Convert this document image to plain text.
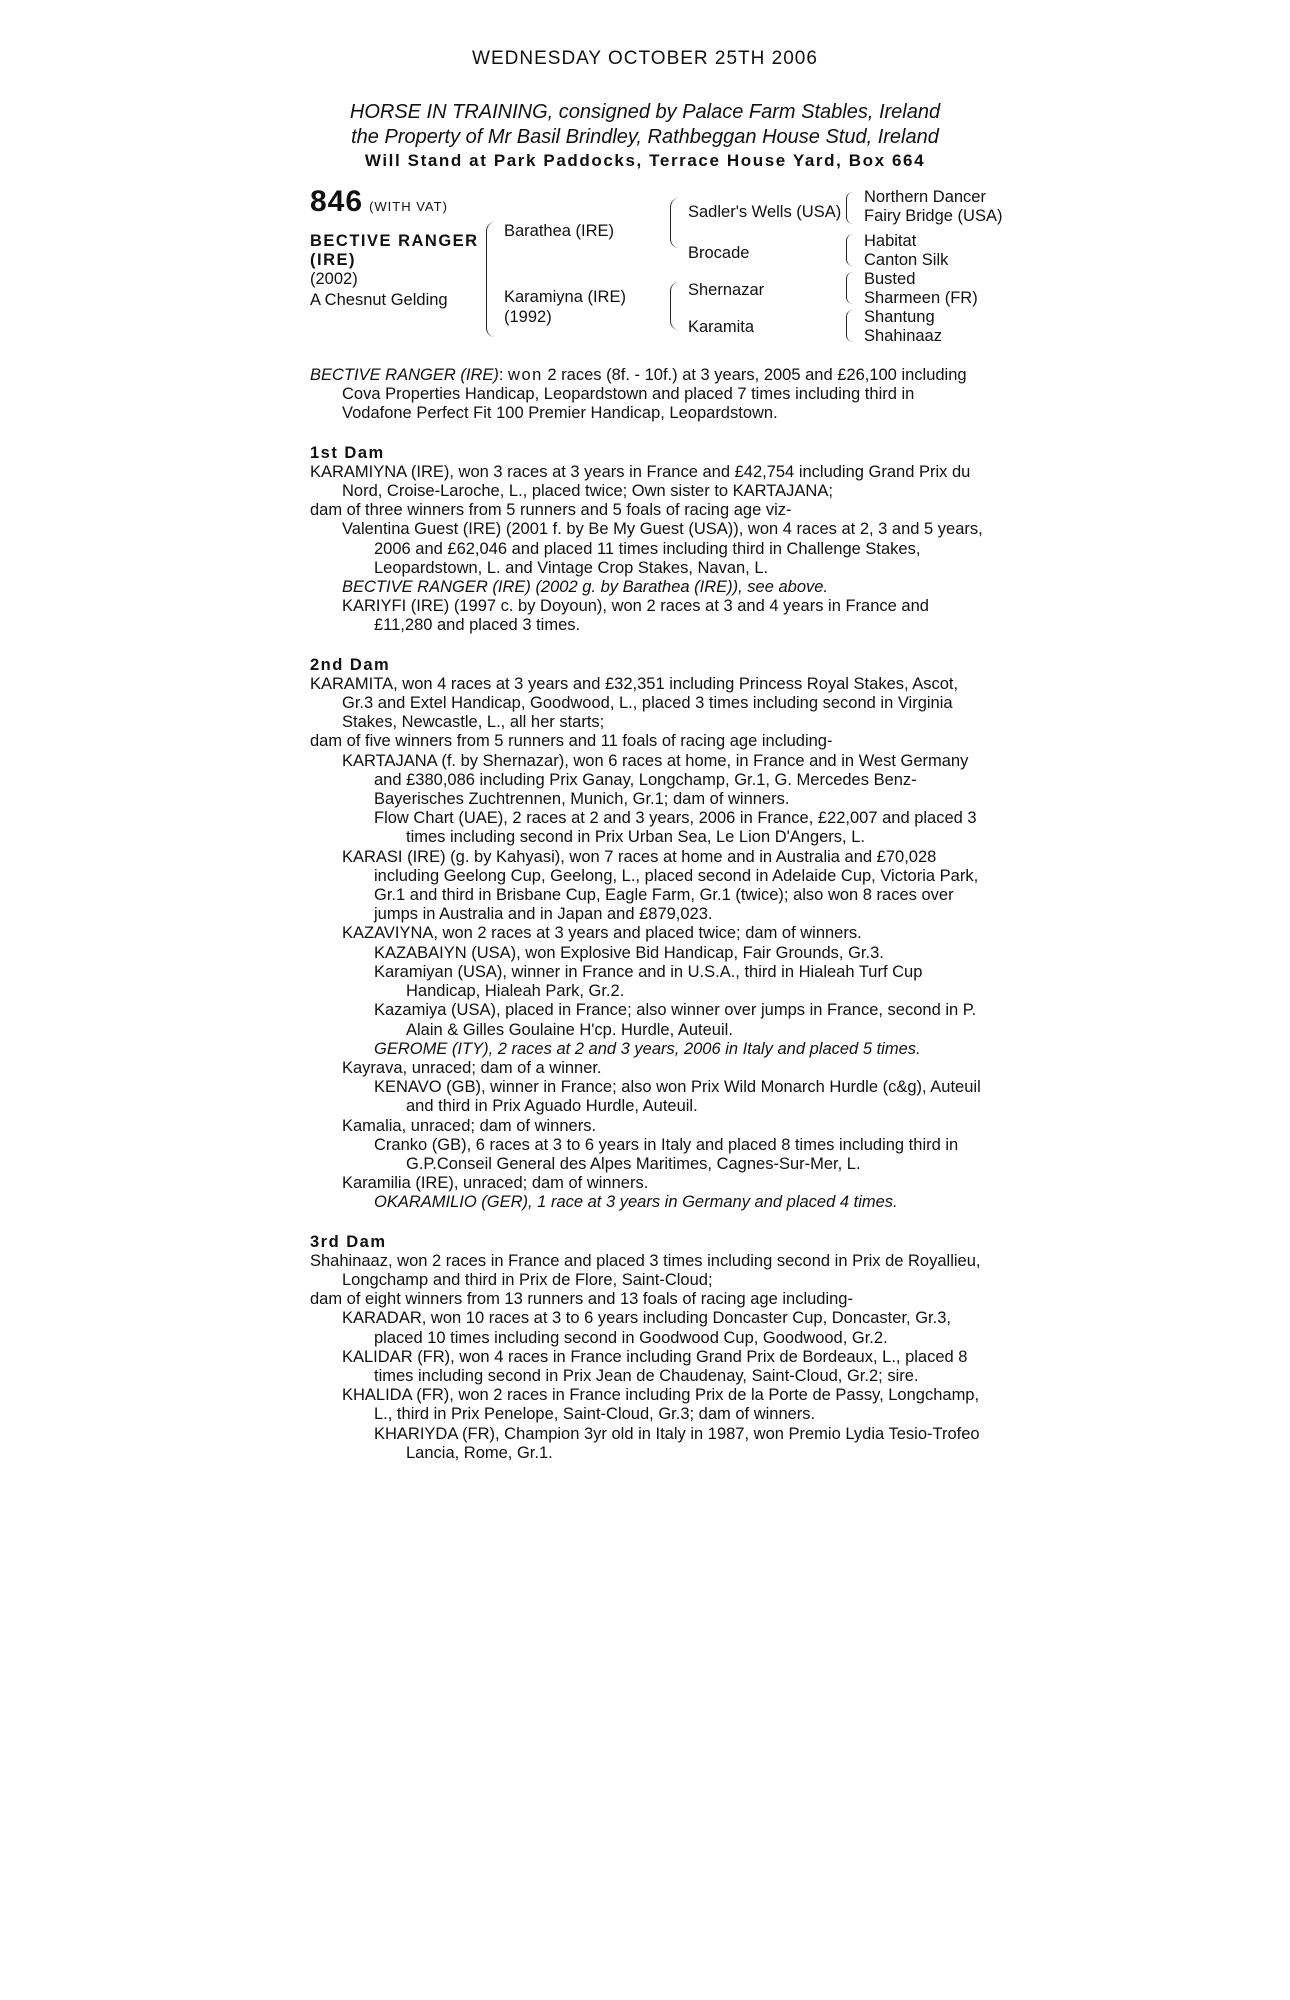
WEDNESDAY OCTOBER 25TH 2006
HORSE IN TRAINING, consigned by Palace Farm Stables, Ireland
the Property of Mr Basil Brindley, Rathbeggan House Stud, Ireland
Will Stand at Park Paddocks, Terrace House Yard, Box 664
846 (WITH VAT)
BECTIVE RANGER
(IRE)
(2002)
A Chesnut Gelding
Barathea (IRE)
Karamiyna (IRE)
(1992)
Sadler's Wells (USA)
Brocade
Shernazar
Karamita
Northern Dancer
Fairy Bridge (USA)
Habitat
Canton Silk
Busted
Sharmeen (FR)
Shantung
Shahinaaz

BECTIVE RANGER (IRE): won 2 races (8f. - 10f.) at 3 years, 2005 and £26,100 including Cova Properties Handicap, Leopardstown and placed 7 times including third in Vodafone Perfect Fit 100 Premier Handicap, Leopardstown.

1st Dam

KARAMIYNA (IRE), won 3 races at 3 years in France and £42,754 including Grand Prix du Nord, Croise-Laroche, L., placed twice; Own sister to KARTAJANA;

dam of three winners from 5 runners and 5 foals of racing age viz-

Valentina Guest (IRE) (2001 f. by Be My Guest (USA)), won 4 races at 2, 3 and 5 years, 2006 and £62,046 and placed 11 times including third in Challenge Stakes, Leopardstown, L. and Vintage Crop Stakes, Navan, L.

BECTIVE RANGER (IRE) (2002 g. by Barathea (IRE)), see above.

KARIYFI (IRE) (1997 c. by Doyoun), won 2 races at 3 and 4 years in France and £11,280 and placed 3 times.

2nd Dam

KARAMITA, won 4 races at 3 years and £32,351 including Princess Royal Stakes, Ascot, Gr.3 and Extel Handicap, Goodwood, L., placed 3 times including second in Virginia Stakes, Newcastle, L., all her starts;

dam of five winners from 5 runners and 11 foals of racing age including-

KARTAJANA (f. by Shernazar), won 6 races at home, in France and in West Germany and £380,086 including Prix Ganay, Longchamp, Gr.1, G. Mercedes Benz-Bayerisches Zuchtrennen, Munich, Gr.1; dam of winners.

Flow Chart (UAE), 2 races at 2 and 3 years, 2006 in France, £22,007 and placed 3 times including second in Prix Urban Sea, Le Lion D'Angers, L.

KARASI (IRE) (g. by Kahyasi), won 7 races at home and in Australia and £70,028 including Geelong Cup, Geelong, L., placed second in Adelaide Cup, Victoria Park, Gr.1 and third in Brisbane Cup, Eagle Farm, Gr.1 (twice); also won 8 races over jumps in Australia and in Japan and £879,023.

KAZAVIYNA, won 2 races at 3 years and placed twice; dam of winners.

KAZABAIYN (USA), won Explosive Bid Handicap, Fair Grounds, Gr.3.

Karamiyan (USA), winner in France and in U.S.A., third in Hialeah Turf Cup Handicap, Hialeah Park, Gr.2.

Kazamiya (USA), placed in France; also winner over jumps in France, second in P. Alain & Gilles Goulaine H'cp. Hurdle, Auteuil.

GEROME (ITY), 2 races at 2 and 3 years, 2006 in Italy and placed 5 times.

Kayrava, unraced; dam of a winner.

KENAVO (GB), winner in France; also won Prix Wild Monarch Hurdle (c&g), Auteuil and third in Prix Aguado Hurdle, Auteuil.

Kamalia, unraced; dam of winners.

Cranko (GB), 6 races at 3 to 6 years in Italy and placed 8 times including third in G.P.Conseil General des Alpes Maritimes, Cagnes-Sur-Mer, L.

Karamilia (IRE), unraced; dam of winners.

OKARAMILIO (GER), 1 race at 3 years in Germany and placed 4 times.

3rd Dam

Shahinaaz, won 2 races in France and placed 3 times including second in Prix de Royallieu, Longchamp and third in Prix de Flore, Saint-Cloud;

dam of eight winners from 13 runners and 13 foals of racing age including-

KARADAR, won 10 races at 3 to 6 years including Doncaster Cup, Doncaster, Gr.3, placed 10 times including second in Goodwood Cup, Goodwood, Gr.2.

KALIDAR (FR), won 4 races in France including Grand Prix de Bordeaux, L., placed 8 times including second in Prix Jean de Chaudenay, Saint-Cloud, Gr.2; sire.

KHALIDA (FR), won 2 races in France including Prix de la Porte de Passy, Longchamp, L., third in Prix Penelope, Saint-Cloud, Gr.3; dam of winners.

KHARIYDA (FR), Champion 3yr old in Italy in 1987, won Premio Lydia Tesio-Trofeo Lancia, Rome, Gr.1.
